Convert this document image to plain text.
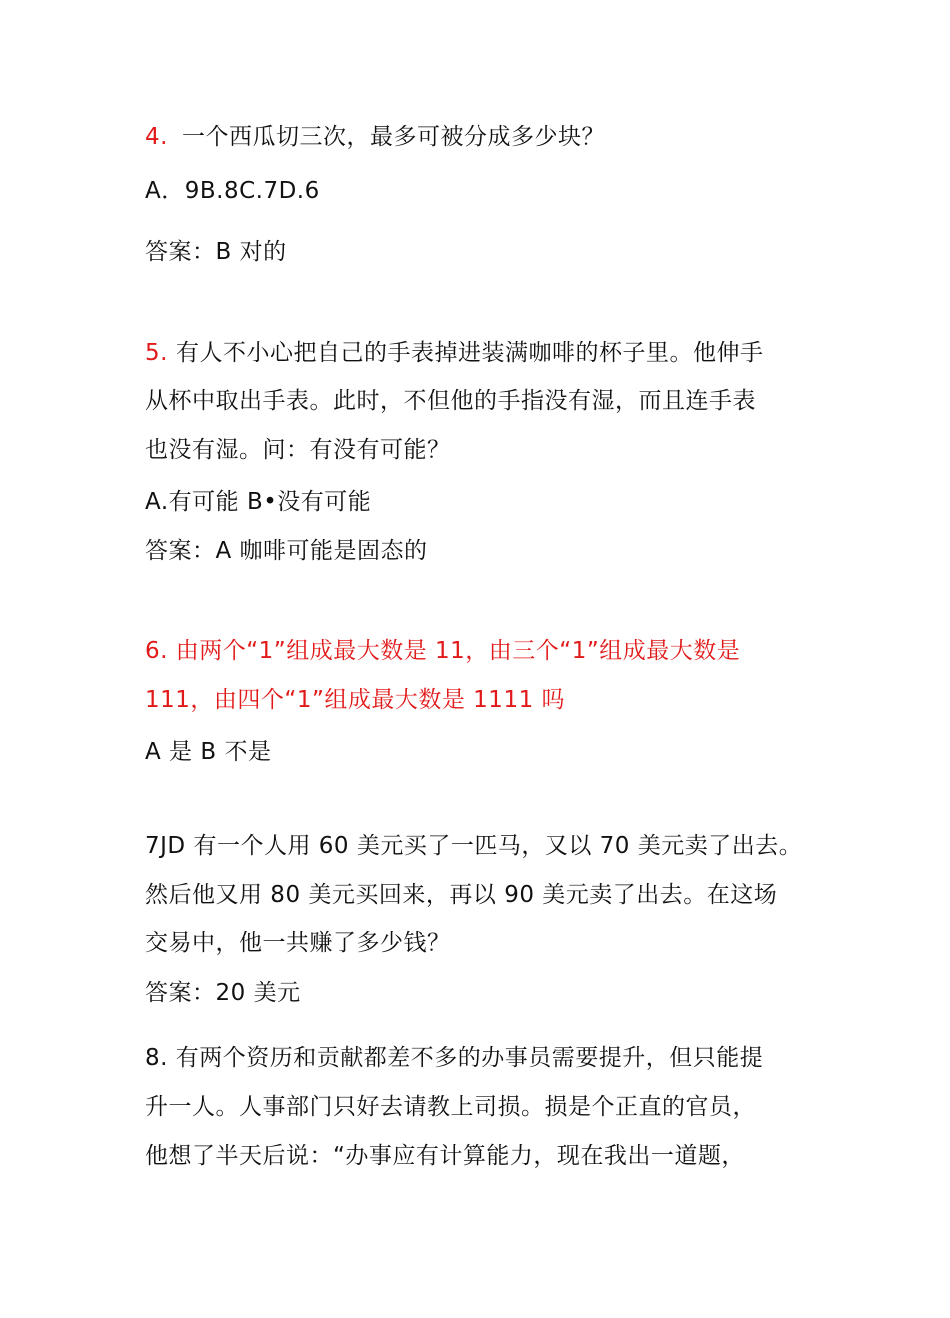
4. 一个西瓜切三次，最多可被分成多少块？
A．9B.8C.7D.6
答案：B 对的
5. 有人不小心把自己的手表掉进装满咖啡的杯子里。他伸手
从杯中取出手表。此时，不但他的手指没有湿，而且连手表
也没有湿。问：有没有可能？
A.有可能 B•没有可能
答案：A 咖啡可能是固态的
6. 由两个“1”组成最大数是 11，由三个“1”组成最大数是
111，由四个“1”组成最大数是 1111 吗
A 是 B 不是
7JD 有一个人用 60 美元买了一匹马，又以 70 美元卖了出去。
然后他又用 80 美元买回来，再以 90 美元卖了出去。在这场
交易中，他一共赚了多少钱？
答案：20 美元
8. 有两个资历和贡献都差不多的办事员需要提升，但只能提
升一人。人事部门只好去请教上司损。损是个正直的官员，
他想了半天后说：“办事应有计算能力，现在我出一道题，
